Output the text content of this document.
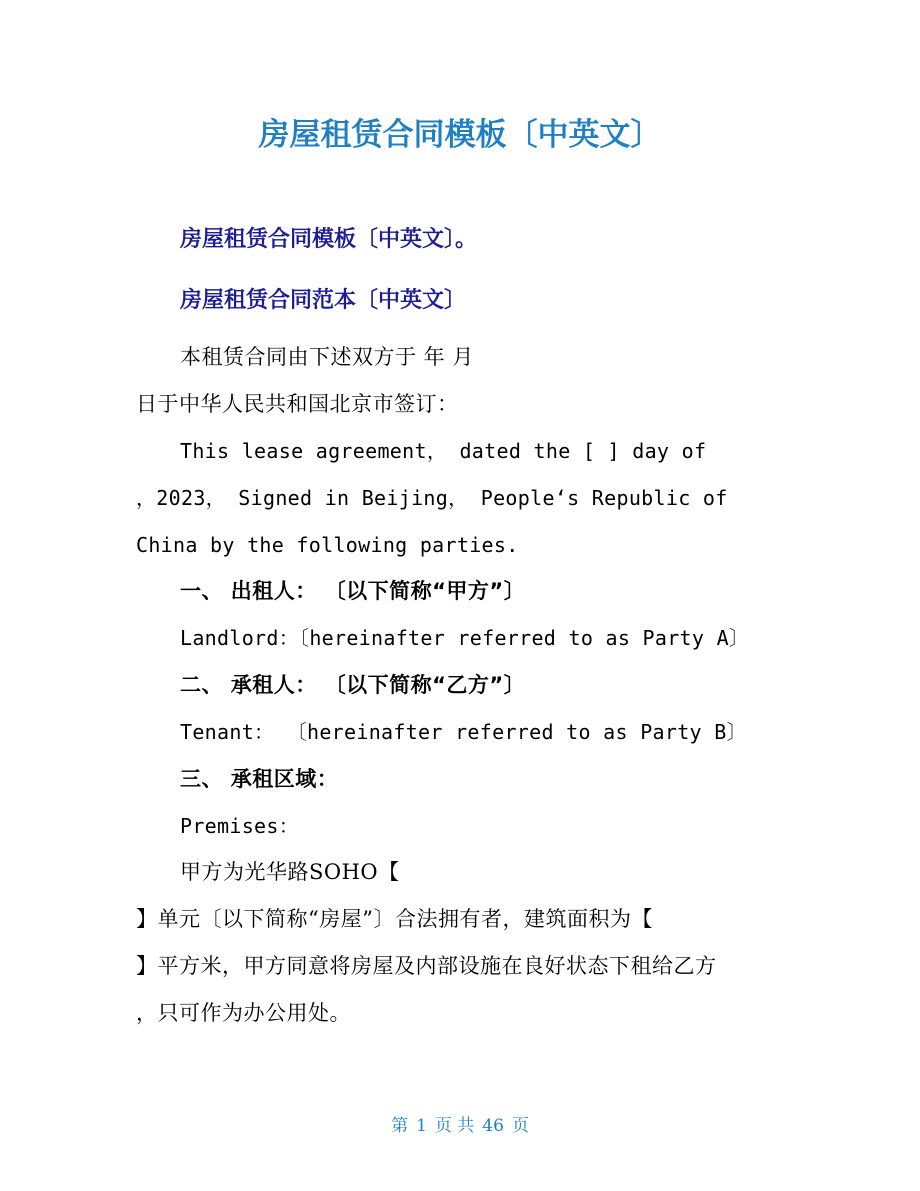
房屋租赁合同模板〔中英文〕

房屋租赁合同模板〔中英文〕。

房屋租赁合同范本〔中英文〕

本租赁合同由下述双方于 年 月

日于中华人民共和国北京市签订：

This lease agreement， dated the [ ] day of

，2023， Signed in Beijing， People‘s Republic of

China by the following parties.

一、 出租人： 〔以下简称“甲方”〕

Landlord：〔hereinafter referred to as Party A〕

二、 承租人： 〔以下简称“乙方”〕

Tenant： 〔hereinafter referred to as Party B〕

三、 承租区域：

Premises：

甲方为光华路SOHO【

】单元〔以下简称“房屋”〕合法拥有者，建筑面积为【

】平方米，甲方同意将房屋及内部设施在良好状态下租给乙方

，只可作为办公用处。

第 1 页 共 46 页
